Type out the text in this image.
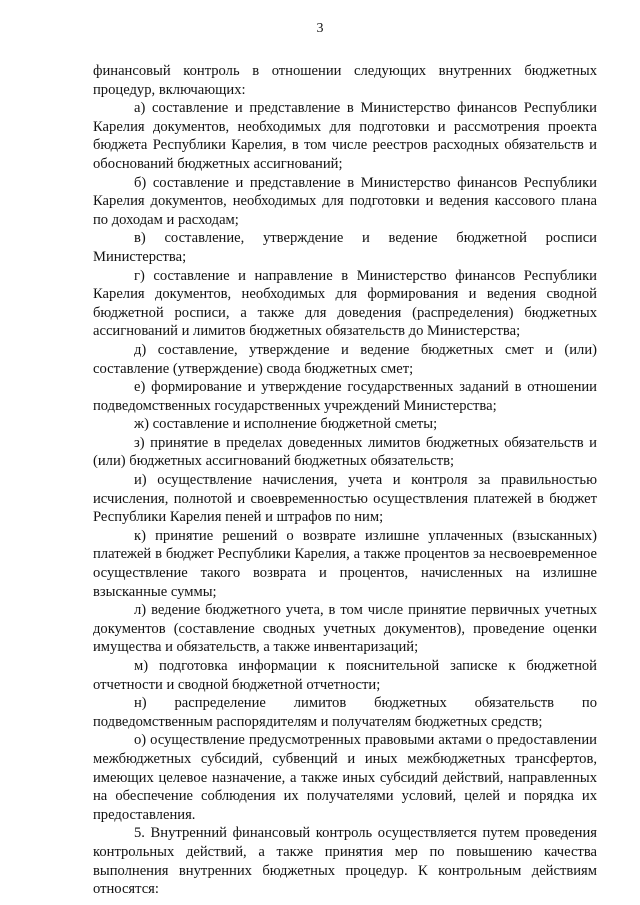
3

финансовый контроль в отношении следующих внутренних бюджетных процедур, включающих:

а) составление и представление в Министерство финансов Республики Карелия документов, необходимых для подготовки и рассмотрения проекта бюджета Республики Карелия, в том числе реестров расходных обязательств и обоснований бюджетных ассигнований;

б) составление и представление в Министерство финансов Республики Карелия документов, необходимых для подготовки и ведения кассового плана по доходам и расходам;

в) составление, утверждение и ведение бюджетной росписи Министерства;

г) составление и направление в Министерство финансов Республики Карелия документов, необходимых для формирования и ведения сводной бюджетной росписи, а также для доведения (распределения) бюджетных ассигнований и лимитов бюджетных обязательств до Министерства;

д) составление, утверждение и ведение бюджетных смет и (или) составление (утверждение) свода бюджетных смет;

е) формирование и утверждение государственных заданий в отношении подведомственных государственных учреждений Министерства;

ж) составление и исполнение бюджетной сметы;

з) принятие в пределах доведенных лимитов бюджетных обязательств и (или) бюджетных ассигнований бюджетных обязательств;

и) осуществление начисления, учета и контроля за правильностью исчисления, полнотой и своевременностью осуществления платежей в бюджет Республики Карелия пеней и штрафов по ним;

к) принятие решений о возврате излишне уплаченных (взысканных) платежей в бюджет Республики Карелия, а также процентов за несвоевременное осуществление такого возврата и процентов, начисленных на излишне взысканные суммы;

л) ведение бюджетного учета, в том числе принятие первичных учетных документов (составление сводных учетных документов), проведение оценки имущества и обязательств, а также инвентаризаций;

м) подготовка информации к пояснительной записке к бюджетной отчетности и сводной бюджетной отчетности;

н) распределение лимитов бюджетных обязательств по подведомственным распорядителям и получателям бюджетных средств;

о) осуществление предусмотренных правовыми актами о предоставлении межбюджетных субсидий, субвенций и иных межбюджетных трансфертов, имеющих целевое назначение, а также иных субсидий действий, направленных на обеспечение соблюдения их получателями условий, целей и порядка их предоставления.

5. Внутренний финансовый контроль осуществляется путем проведения контрольных действий, а также принятия мер по повышению качества выполнения внутренних бюджетных процедур. К контрольным действиям относятся:
